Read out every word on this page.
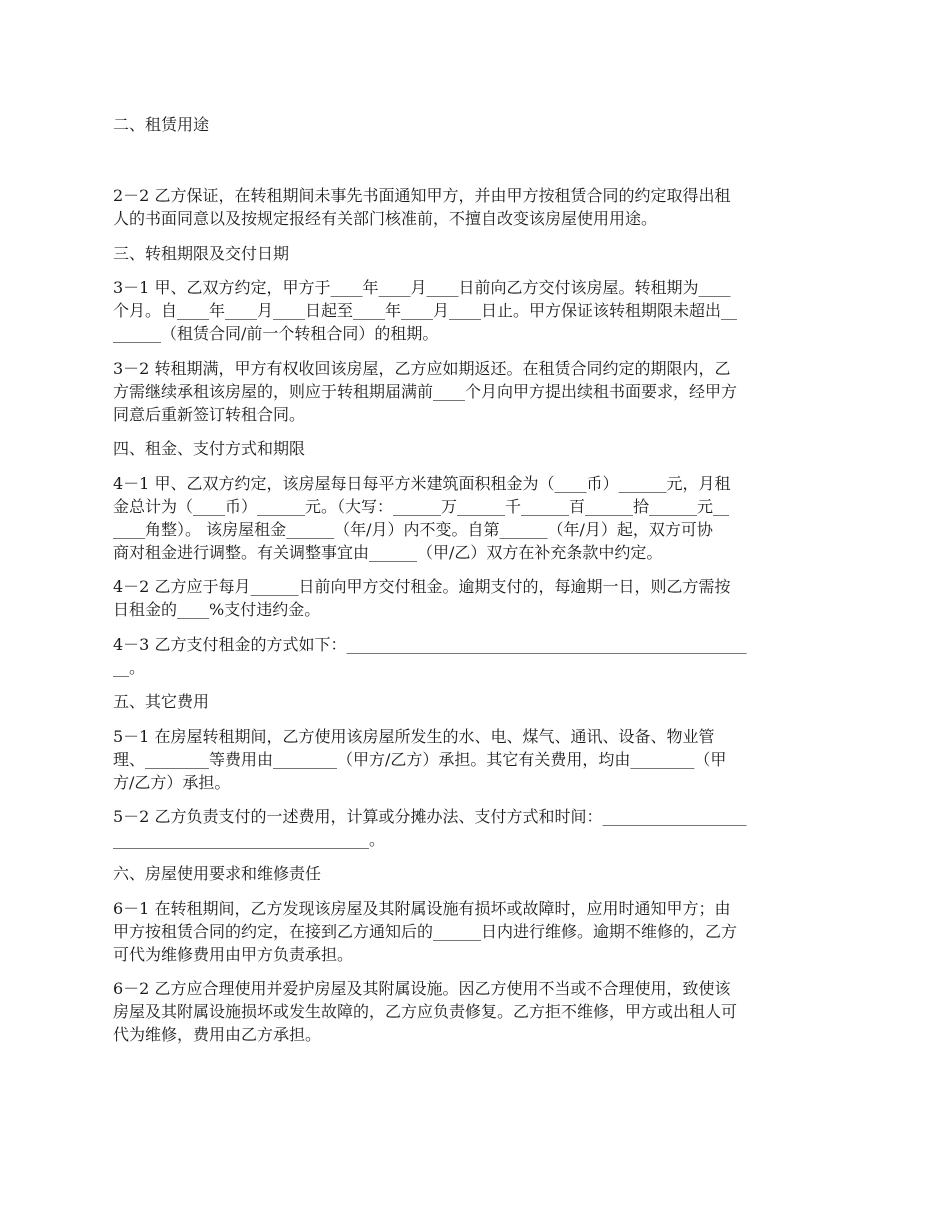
二、租赁用途
2－2 乙方保证，在转租期间未事先书面通知甲方，并由甲方按租赁合同的约定取得出租
人的书面同意以及按规定报经有关部门核准前，不擅自改变该房屋使用用途。
三、转租期限及交付日期
3－1 甲、乙双方约定，甲方于____年____月____日前向乙方交付该房屋。转租期为____
个月。自____年____月____日起至____年____月____日止。甲方保证该转租期限未超出__
______（租赁合同/前一个转租合同）的租期。
3－2 转租期满，甲方有权收回该房屋，乙方应如期返还。在租赁合同约定的期限内，乙
方需继续承租该房屋的，则应于转租期届满前____个月向甲方提出续租书面要求，经甲方
同意后重新签订转租合同。
四、租金、支付方式和期限
4－1 甲、乙双方约定，该房屋每日每平方米建筑面积租金为（____币）______元，月租
金总计为（____币）______元。（大写：______万______千______百______拾______元__
____角整）。 该房屋租金______（年/月）内不变。自第______（年/月）起，双方可协
商对租金进行调整。有关调整事宜由______（甲/乙）双方在补充条款中约定。
4－2 乙方应于每月______日前向甲方交付租金。逾期支付的，每逾期一日，则乙方需按
日租金的____%支付违约金。
4－3 乙方支付租金的方式如下：__________________________________________________
__。
五、其它费用
5－1 在房屋转租期间，乙方使用该房屋所发生的水、电、煤气、通讯、设备、物业管
理、________等费用由________（甲方/乙方）承担。其它有关费用，均由________（甲
方/乙方）承担。
5－2 乙方负责支付的一述费用，计算或分摊办法、支付方式和时间：__________________
________________________________。
六、房屋使用要求和维修责任
6－1 在转租期间，乙方发现该房屋及其附属设施有损坏或故障时，应用时通知甲方；由
甲方按租赁合同的约定，在接到乙方通知后的______日内进行维修。逾期不维修的，乙方
可代为维修费用由甲方负责承担。
6－2 乙方应合理使用并爱护房屋及其附属设施。因乙方使用不当或不合理使用，致使该
房屋及其附属设施损坏或发生故障的，乙方应负责修复。乙方拒不维修，甲方或出租人可
代为维修，费用由乙方承担。
